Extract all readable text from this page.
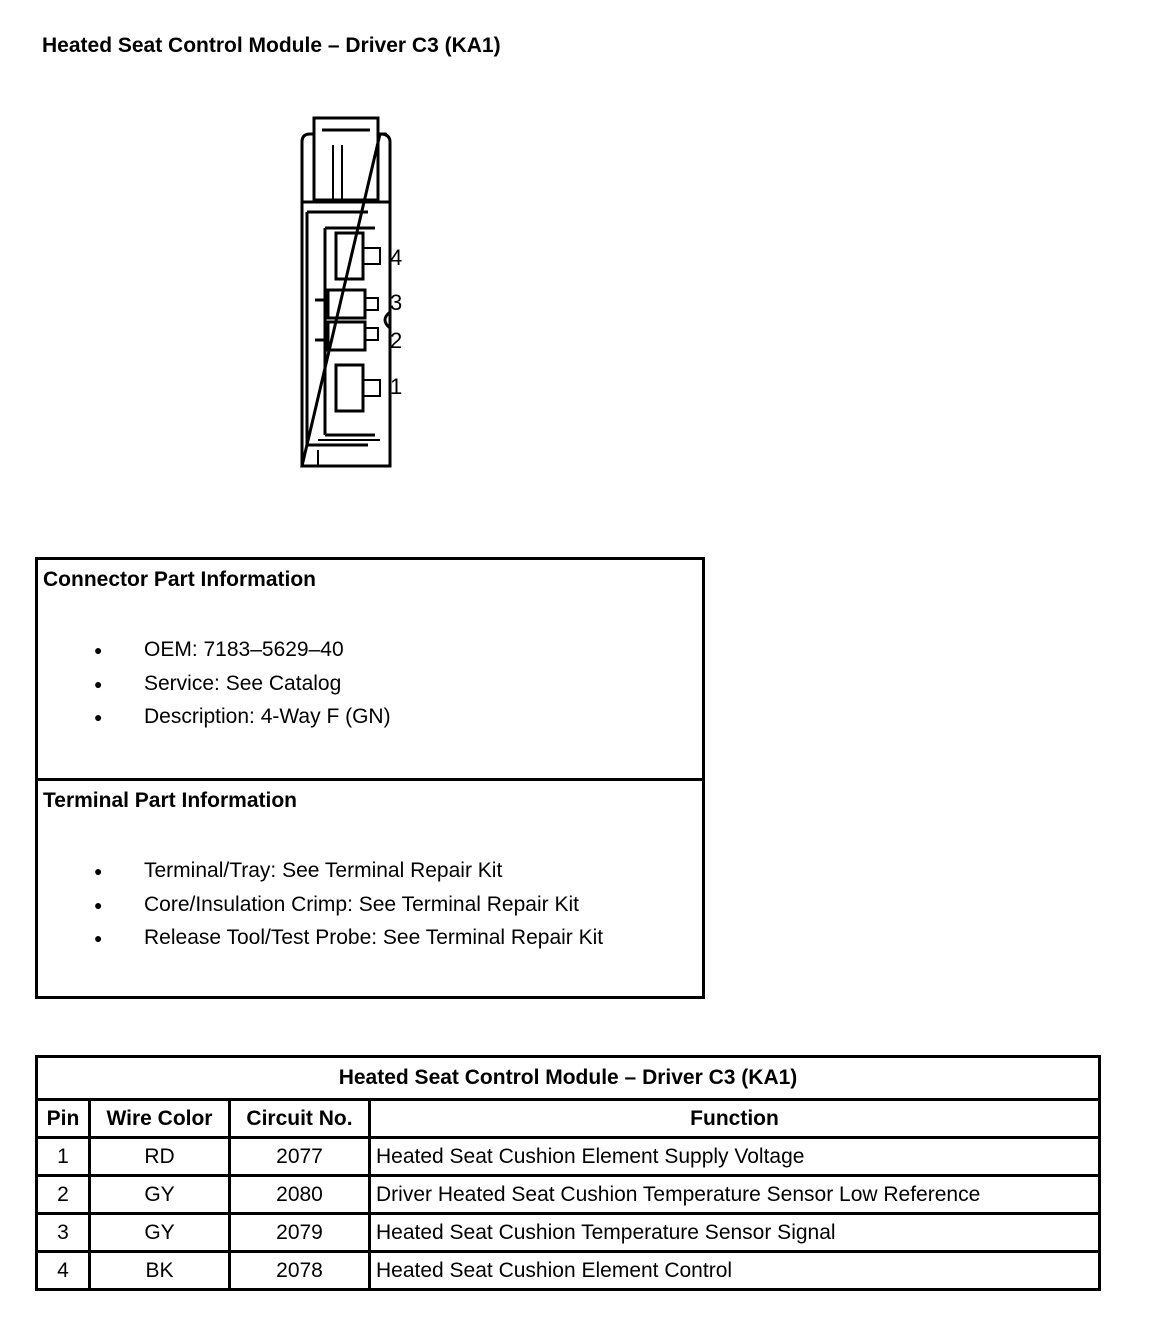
Heated Seat Control Module – Driver C3 (KA1)
4
3
2
1
Connector Part Information
● OEM: 7183–5629–40
● Service: See Catalog
● Description: 4-Way F (GN)
Terminal Part Information
● Terminal/Tray: See Terminal Repair Kit
● Core/Insulation Crimp: See Terminal Repair Kit
● Release Tool/Test Probe: See Terminal Repair Kit
Heated Seat Control Module – Driver C3 (KA1)			
Pin	Wire Color	Circuit No.	Function
1	RD	2077	Heated Seat Cushion Element Supply Voltage
2	GY	2080	Driver Heated Seat Cushion Temperature Sensor Low Reference
3	GY	2079	Heated Seat Cushion Temperature Sensor Signal
4	BK	2078	Heated Seat Cushion Element Control
